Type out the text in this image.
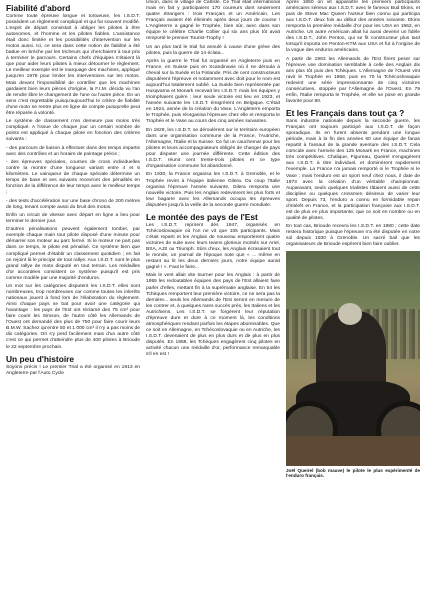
Fiabilité d'abord

Comme toute épreuve longue et tortueuse, les I.S.D.T. possèdent un règlement compliqué et qui fut souvent modifié. L'esprit de départ consistait à obliger les pilotes à être autonomes, et l'homme et les pilotes fiables. L'assistance était donc limitée et les possibilités d'intervention sur les motos aussi. Ici, ce sera dans cette notion de fiabilité a été battue en brèche par les tricheurs qui cherchaient à tout prix à terminer le parcours. Certains chefs d'équipes n'étaient là que pour aider leurs pilotes à mieux détourner le règlement. Le meilleur exemple est le marquage des machines, appliqué jusqu'en 1978 pour limiter les interventions sur les motos. Mais devant l'impossibilité de contrôler que les machines gardaient bien leurs pièces d'origine, la F.I.M. décida vu l'an de rendre libre le changement de l'une ou l'autre pièce. En un sens c'est regrettable puisqu'aujourd'hui le critère de fiabilité d'une moto ne rentre plus en ligne de compte puisqu'elle peut être réparée à volonté.

Le système de classement n'en demeure pas moins très compliqué. A l'issue de chaque jour un certain nombre de points est appliqué à chaque pilote en fonction des critères suivants :

- des parcours de liaison à effectuer dans des temps impartis avec des contrôles et un horaire de pointage précis ;

- des épreuves spéciales, courses de cross individuelles contre la montre d'une longueur variant entre 4 et 6 kilomètres. Le vainqueur de chaque spéciale détermine un temps de base et ses suivants recevront des pénalités en fonction de la différence de leur temps avec le meilleur temps ;

- des tests d'accélération sur une base chrono de 200 mètres de long, tenant compte aussi du bruit des motos.

Enfin un circuit de vitesse avec départ en ligne a lieu pour terminer le dernier jour.

D'autres pénalisations peuvent également tomber, par exemple chaque main tout pilote disposé d'une minute pour démarrer son moteur au parc fermé. Si le moteur ne part pas dans ce temps, le pilote est pénalisé. Ce système bien que compliqué permet d'établir un classement quotidien ; en fait on rejoint là le principe de tout rallye. Aux I.S.D.T. sont le plus grand rallye de moto disputé en tout terrain. Les médailles d'or accordées consistent ce système puisqu'il est pris comme modèle par une majorité d'enduros.

Un mot sur les catégories disputent les I.S.D.T. elles sont nombreuses, trop nombreuses car comme toutes les inlerêts nationaux jouent à fond lors de l'élaboration du règlement. Ainsi chaque pays se bat pour avoir une catégorie qui l'avantage : les pays de l'Est ont réclamé des 75 cm³ pour faire courir les Simson, de l'autre côté les Allemands de l'Ouest ont demandé des plus de 750 pour faire courir leurs B.M.W. Sachez qu'entre 50 et 1 000 cm³ il n'y a pas moins de dix catégories. On s'y perd facilement mais d'un autre côté c'est ce qui permet d'atteindre plus de 400 pilotes à Brioude le 22 septembre prochain.

Un peu d'histoire

Soyons précis ! Le premier Trial a été organisé en 1913 en Angleterre par l'Auto Cycle

Union, dans le village de Carlisle. Ce Trial était international mais en fait y participaient 170 coureurs dont seulement quatre étrangers : trois Français et un Américain. Les Français avaient été éliminés après deux jours de course ! L'Angleterre a gagné le Trophée, bien sûr, avec dans son équipe le célèbre Charlie Collier qui six ans plus tôt avait remporté le premier Tourist-Trophy !

Un an plus tard le trial fut annulé à cause d'une grève des pilotes, puis la guerre de 14 éclata...

Après la guerre le Trial fut organisé en Angleterre puis en France, en Suisse puis en Scandinavie où il ne déroula à cheval sur la Suède et la Finlande. Pris de cent constructeurs disputèrent l'épreuve et notamment avec doit pour le nom est aujourd'hui totalement oublié. La Suède bien représentée par Husqvarna et Monark recevait les I.S.D.T. mais les équipes y triomphaient guère ; leur seule victoire est lieu en 1923, et l'année suivante les I.S.D.T. émigrèrent en Belgique. C'était en 1924, année de la création du Vase, L'Angleterre emporta le Trophée, puis réorganisa l'épreuve chez elle et remporta le Trophée et le Vase au cours des cinq années suivantes.

En 1929, les I.S.D.T. se déroulèrent sur le territoire européen dans une organisation commune de la France, l'Autriche, l'Allemagne, l'Italie et la Suisse. Ce fut un cauchemar pour les pilotes et leurs accompagnateurs obligés de changer de pays pour disputer une journée différente. Cette édition des I.S.D.T. réunit cent trente-trois pilotes et ce type d'organisation commune fut abandonné.

En 1930, la France organisa les I.S.D.T. à Grenoble, et le Trophée revint à l'équipe italienne Gilera. Du coup l'Italie organisa l'épreuve l'année suivante, Gilera remporta une nouvelle victoire. Puis les Anglais redevinrent les plus forts et leur bagarre avec les Allemands occupa les épreuves disputées jusqu'à la veille de la seconde guerre mondiale.

Le montée des pays de l'Est

Les I.S.D.T. reprirent dès 1947, organisés en Tchécoslovaquie où l'on ne vit que 105 participants. Mais c'était reparti et les Anglais de nouveau emportèrent quatre victoires de suite avec leurs teams glorieux montés sur Ariel, BSA, AJS ou Triumph. Sûrs d'eux, les Anglais écrasaient tout le monde, un journal de l'époque note que « ... même en restant au lit les deux derniers jours, notre équipe aurait gagné ! ». Faut le faire...

Mais le vent allait vite tourner pour les Anglais : à partir de 1955 les redoutables équipes des pays de l'Est allaient faire parler d'elles, mettant fin à la suprématie anglaise. En 54 les Tchèques remportent leur première victoire, ce ne sera pas la dernière... seuls les Allemands de l'Est seront en mesure de les contrer et, à quelques rares succès près, les Italiens et les Autrichiens. Les I.S.D.T. se forgèrent leur réputation d'épreuve dure et dure à ce moment là, les conditions atmosphériques rendant parfois les étapes abominables. Que ce soit en Allemagne, en Tchécoslovaquie ou en Autriche, les I.S.D.T. devenaient de plus en plus durs et de plus en plus disputés. En 1958, les Tchèques engagèrent cinq pilotes en activité chacun une médaille d'or, performance remarquable s'il en est !

Après 1950 on vit apparaître les premiers participants américains sérieux aux I.S.D.T. avec le fameux Bud Ekins, et puis de Steve Mac Queen l'acteur bien connu qui participa aux I.S.D.T. deux fois au début des années soixante. Ekins remporta la première médaille d'or pour les USA en 1962, en Autriche. Un autre Américain allait lui aussi devenir un fidèle des I.S.D.T., John Penton, qui se fit constructeur plus tard lorsqu'il importa en Penton-KTM aux USA et fut à l'origine de la vogue des enduros américains.

A partir de 1963 les Allemands de l'Est firent peser sur l'épreuve une domination semblable à celle des Anglais dix ans plus tôt puis des Tchèques. L'Allemagne de l'Ouest vint ravir le Trophée en 1968, puis en 70 la Tchécoslovaquie redevint une série impressionnante de cinq victoires consécutives, stoppée par l'Allemagne de l'Ouest. En 79 enfin, l'Italie remporta le Trophée, et elle se pose en grande favorite pour 80.

Et les Français dans tout ça ?

Sans industrie nationale depuis la seconde guerre, les Français ont toujours participé aux I.S.D.T. de façon sporadique. Ils en furent absents pendant une longue période, mais à la fin des années 60 une équipe de fanas repartit à l'assaut de la grande aventure des I.S.D.T. Cela coïncide avec l'arrivée des 125 Monark en France, machines très compétitives. Chalique, Figureau, Queirel s'engagèrent aux I.S.D.T. à titre individuel, et dominèrent rapidement l'exemple. La France n'a jamais remporté ni le Trophée ni le Vase ; mais l'enduro est un sport neuf chez nous, il date de 1973 avec la création d'un véritable championnat. Auparavant, seuls quelques trialistes tâtaient aussi de cette discipline ou quelques crossmen désireux de varier leur sport. Depuis 73, l'enduro a connu en formidable repan d'intérêt en France, et la participation française aux I.S.D.T. est de plus en plus importante, que ce soit en nombre ou en qualité de pilotes.

En tout cas, Brioude recevra les I.S.D.T. en 1980 ; cette date restera historique puisque l'épreuve n'a été disputée en notre sol depuis 1930 à Grenoble. Un sacré bail que les organisateurs de Brioude espèrent bien faire oublier.

Joël Queirel (bob mauve) le pilote le plus expérimenté de l'enduro français.
